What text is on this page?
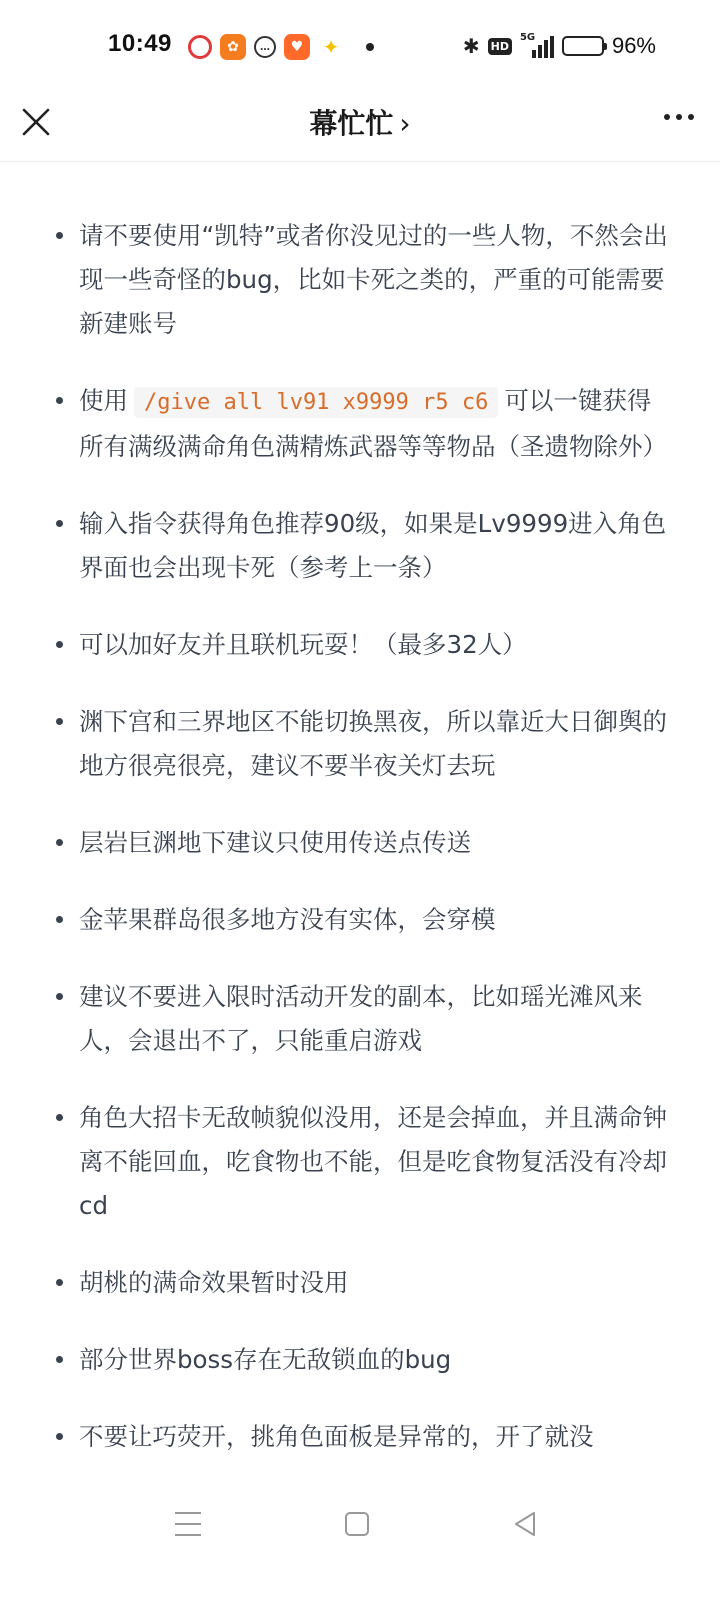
10:49	✿	…	♥ ✦	✱ HD
5G	96%
幕忙忙 ›
请不要使用“凯特”或者你没见过的一些人物，不然会出现一些奇怪的bug，比如卡死之类的，严重的可能需要新建账号
使用 /give all lv91 x9999 r5 c6 可以一键获得所有满级满命角色满精炼武器等等物品（圣遗物除外）
输入指令获得角色推荐90级，如果是Lv9999进入角色界面也会出现卡死（参考上一条）
可以加好友并且联机玩耍！（最多32人）
渊下宫和三界地区不能切换黑夜，所以靠近大日御舆的地方很亮很亮，建议不要半夜关灯去玩
层岩巨渊地下建议只使用传送点传送
金苹果群岛很多地方没有实体，会穿模
建议不要进入限时活动开发的副本，比如瑶光滩风来人，会退出不了，只能重启游戏
角色大招卡无敌帧貌似没用，还是会掉血，并且满命钟离不能回血，吃食物也不能，但是吃食物复活没有冷却cd
胡桃的满命效果暂时没用
部分世界boss存在无敌锁血的bug
不要让巧荧开，挑角色面板是异常的，开了就没
